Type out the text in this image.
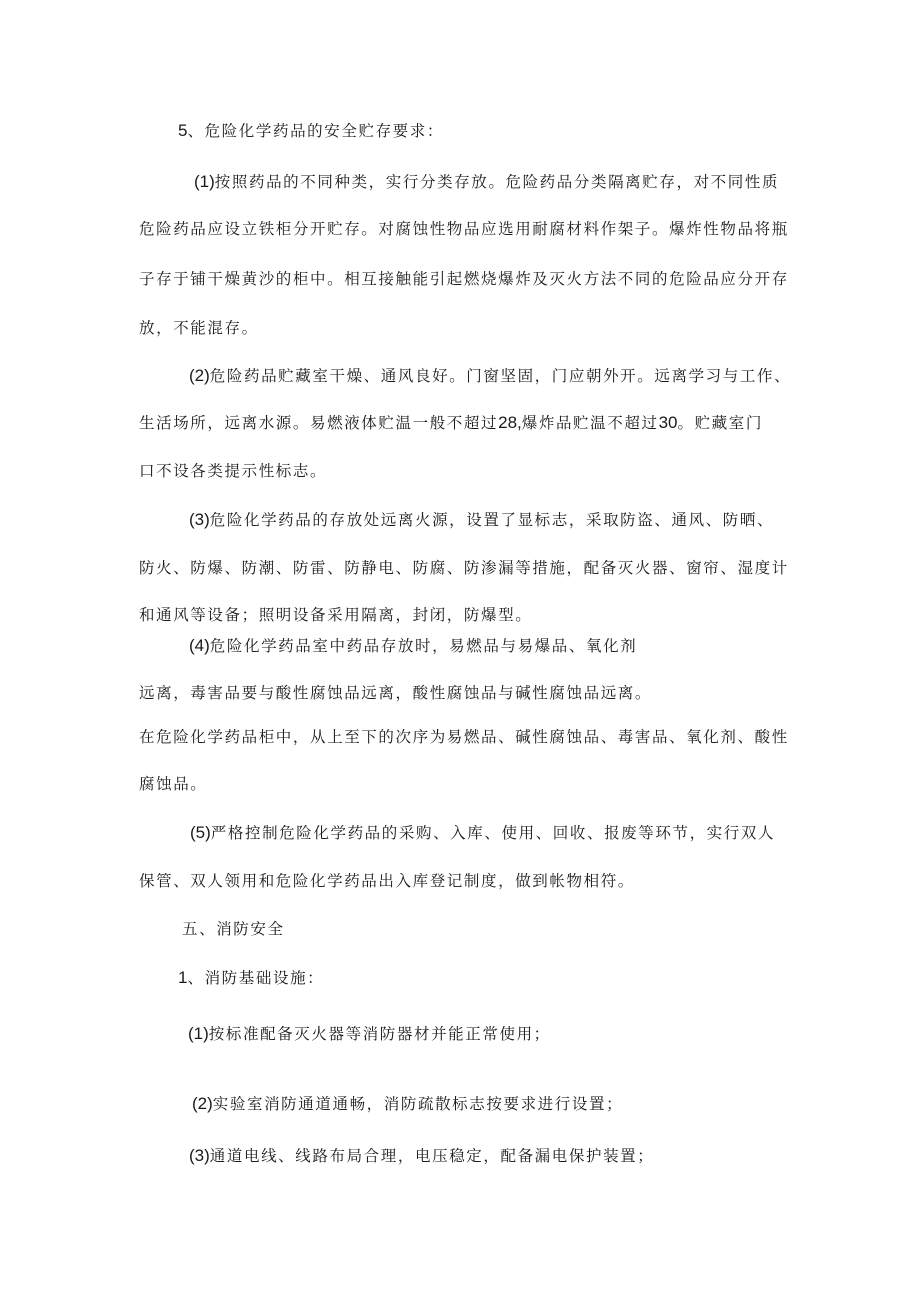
5、危险化学药品的安全贮存要求：
(1)按照药品的不同种类，实行分类存放。危险药品分类隔离贮存，对不同性质
危险药品应设立铁柜分开贮存。对腐蚀性物品应选用耐腐材料作架子。爆炸性物品将瓶
子存于铺干燥黄沙的柜中。相互接触能引起燃烧爆炸及灭火方法不同的危险品应分开存
放，不能混存。
(2)危险药品贮藏室干燥、通风良好。门窗坚固，门应朝外开。远离学习与工作、
生活场所，远离水源。易燃液体贮温一般不超过28,爆炸品贮温不超过30。贮藏室门
口不设各类提示性标志。
(3)危险化学药品的存放处远离火源，设置了显标志，采取防盗、通风、防晒、
防火、防爆、防潮、防雷、防静电、防腐、防渗漏等措施，配备灭火器、窗帘、湿度计
和通风等设备；照明设备采用隔离，封闭，防爆型。
(4)危险化学药品室中药品存放时，易燃品与易爆品、氧化剂
远离，毒害品要与酸性腐蚀品远离，酸性腐蚀品与碱性腐蚀品远离。
在危险化学药品柜中，从上至下的次序为易燃品、碱性腐蚀品、毒害品、氧化剂、酸性
腐蚀品。
(5)严格控制危险化学药品的采购、入库、使用、回收、报废等环节，实行双人
保管、双人领用和危险化学药品出入库登记制度，做到帐物相符。
五、消防安全
1、消防基础设施：
(1)按标准配备灭火器等消防器材并能正常使用；
(2)实验室消防通道通畅，消防疏散标志按要求进行设置；
(3)通道电线、线路布局合理，电压稳定，配备漏电保护装置；
